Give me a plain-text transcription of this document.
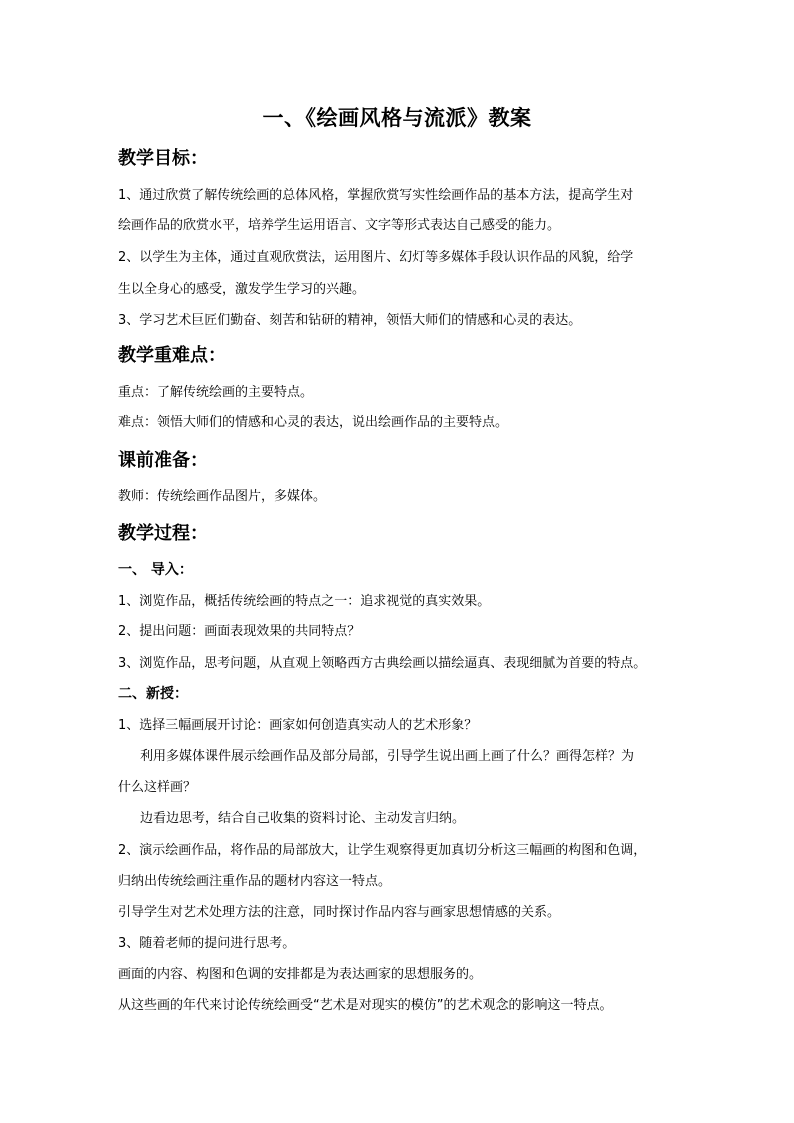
一、《绘画风格与流派》教案
教学目标：
1、通过欣赏了解传统绘画的总体风格，掌握欣赏写实性绘画作品的基本方法，提高学生对
绘画作品的欣赏水平，培养学生运用语言、文字等形式表达自己感受的能力。
2、以学生为主体，通过直观欣赏法，运用图片、幻灯等多媒体手段认识作品的风貌，给学
生以全身心的感受，激发学生学习的兴趣。
3、学习艺术巨匠们勤奋、刻苦和钻研的精神，领悟大师们的情感和心灵的表达。
教学重难点：
重点：了解传统绘画的主要特点。
难点：领悟大师们的情感和心灵的表达，说出绘画作品的主要特点。
课前准备：
教师：传统绘画作品图片，多媒体。
教学过程：
一、 导入：
1、浏览作品，概括传统绘画的特点之一：追求视觉的真实效果。
2、提出问题：画面表现效果的共同特点？
3、浏览作品，思考问题，从直观上领略西方古典绘画以描绘逼真、表现细腻为首要的特点。
二、新授：
1、选择三幅画展开讨论：画家如何创造真实动人的艺术形象？
利用多媒体课件展示绘画作品及部分局部，引导学生说出画上画了什么？画得怎样？为
什么这样画？
边看边思考，结合自己收集的资料讨论、主动发言归纳。
2、演示绘画作品，将作品的局部放大，让学生观察得更加真切分析这三幅画的构图和色调，
归纳出传统绘画注重作品的题材内容这一特点。
引导学生对艺术处理方法的注意，同时探讨作品内容与画家思想情感的关系。
3、随着老师的提问进行思考。
画面的内容、构图和色调的安排都是为表达画家的思想服务的。
从这些画的年代来讨论传统绘画受“艺术是对现实的模仿”的艺术观念的影响这一特点。
